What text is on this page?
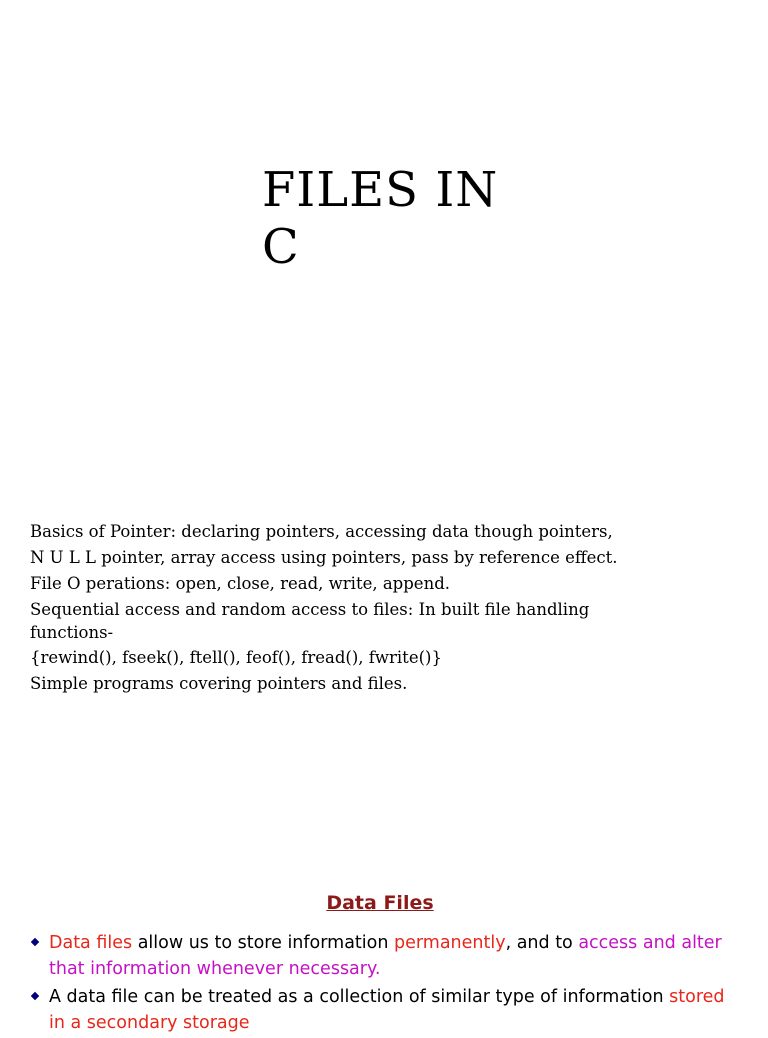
FILES IN
C
Basics of Pointer: declaring pointers, accessing data though pointers,
N U L L pointer, array access using pointers, pass by reference effect.
File O perations: open, close, read, write, append.
Sequential access and random access to files: In built file handling
functions-
{rewind(), fseek(), ftell(), feof(), fread(), fwrite()}
Simple programs covering pointers and files.
Data Files
Data files allow us to store information permanently, and to access and alter that information whenever necessary.
A data file can be treated as a collection of similar type of information stored in a secondary storage
